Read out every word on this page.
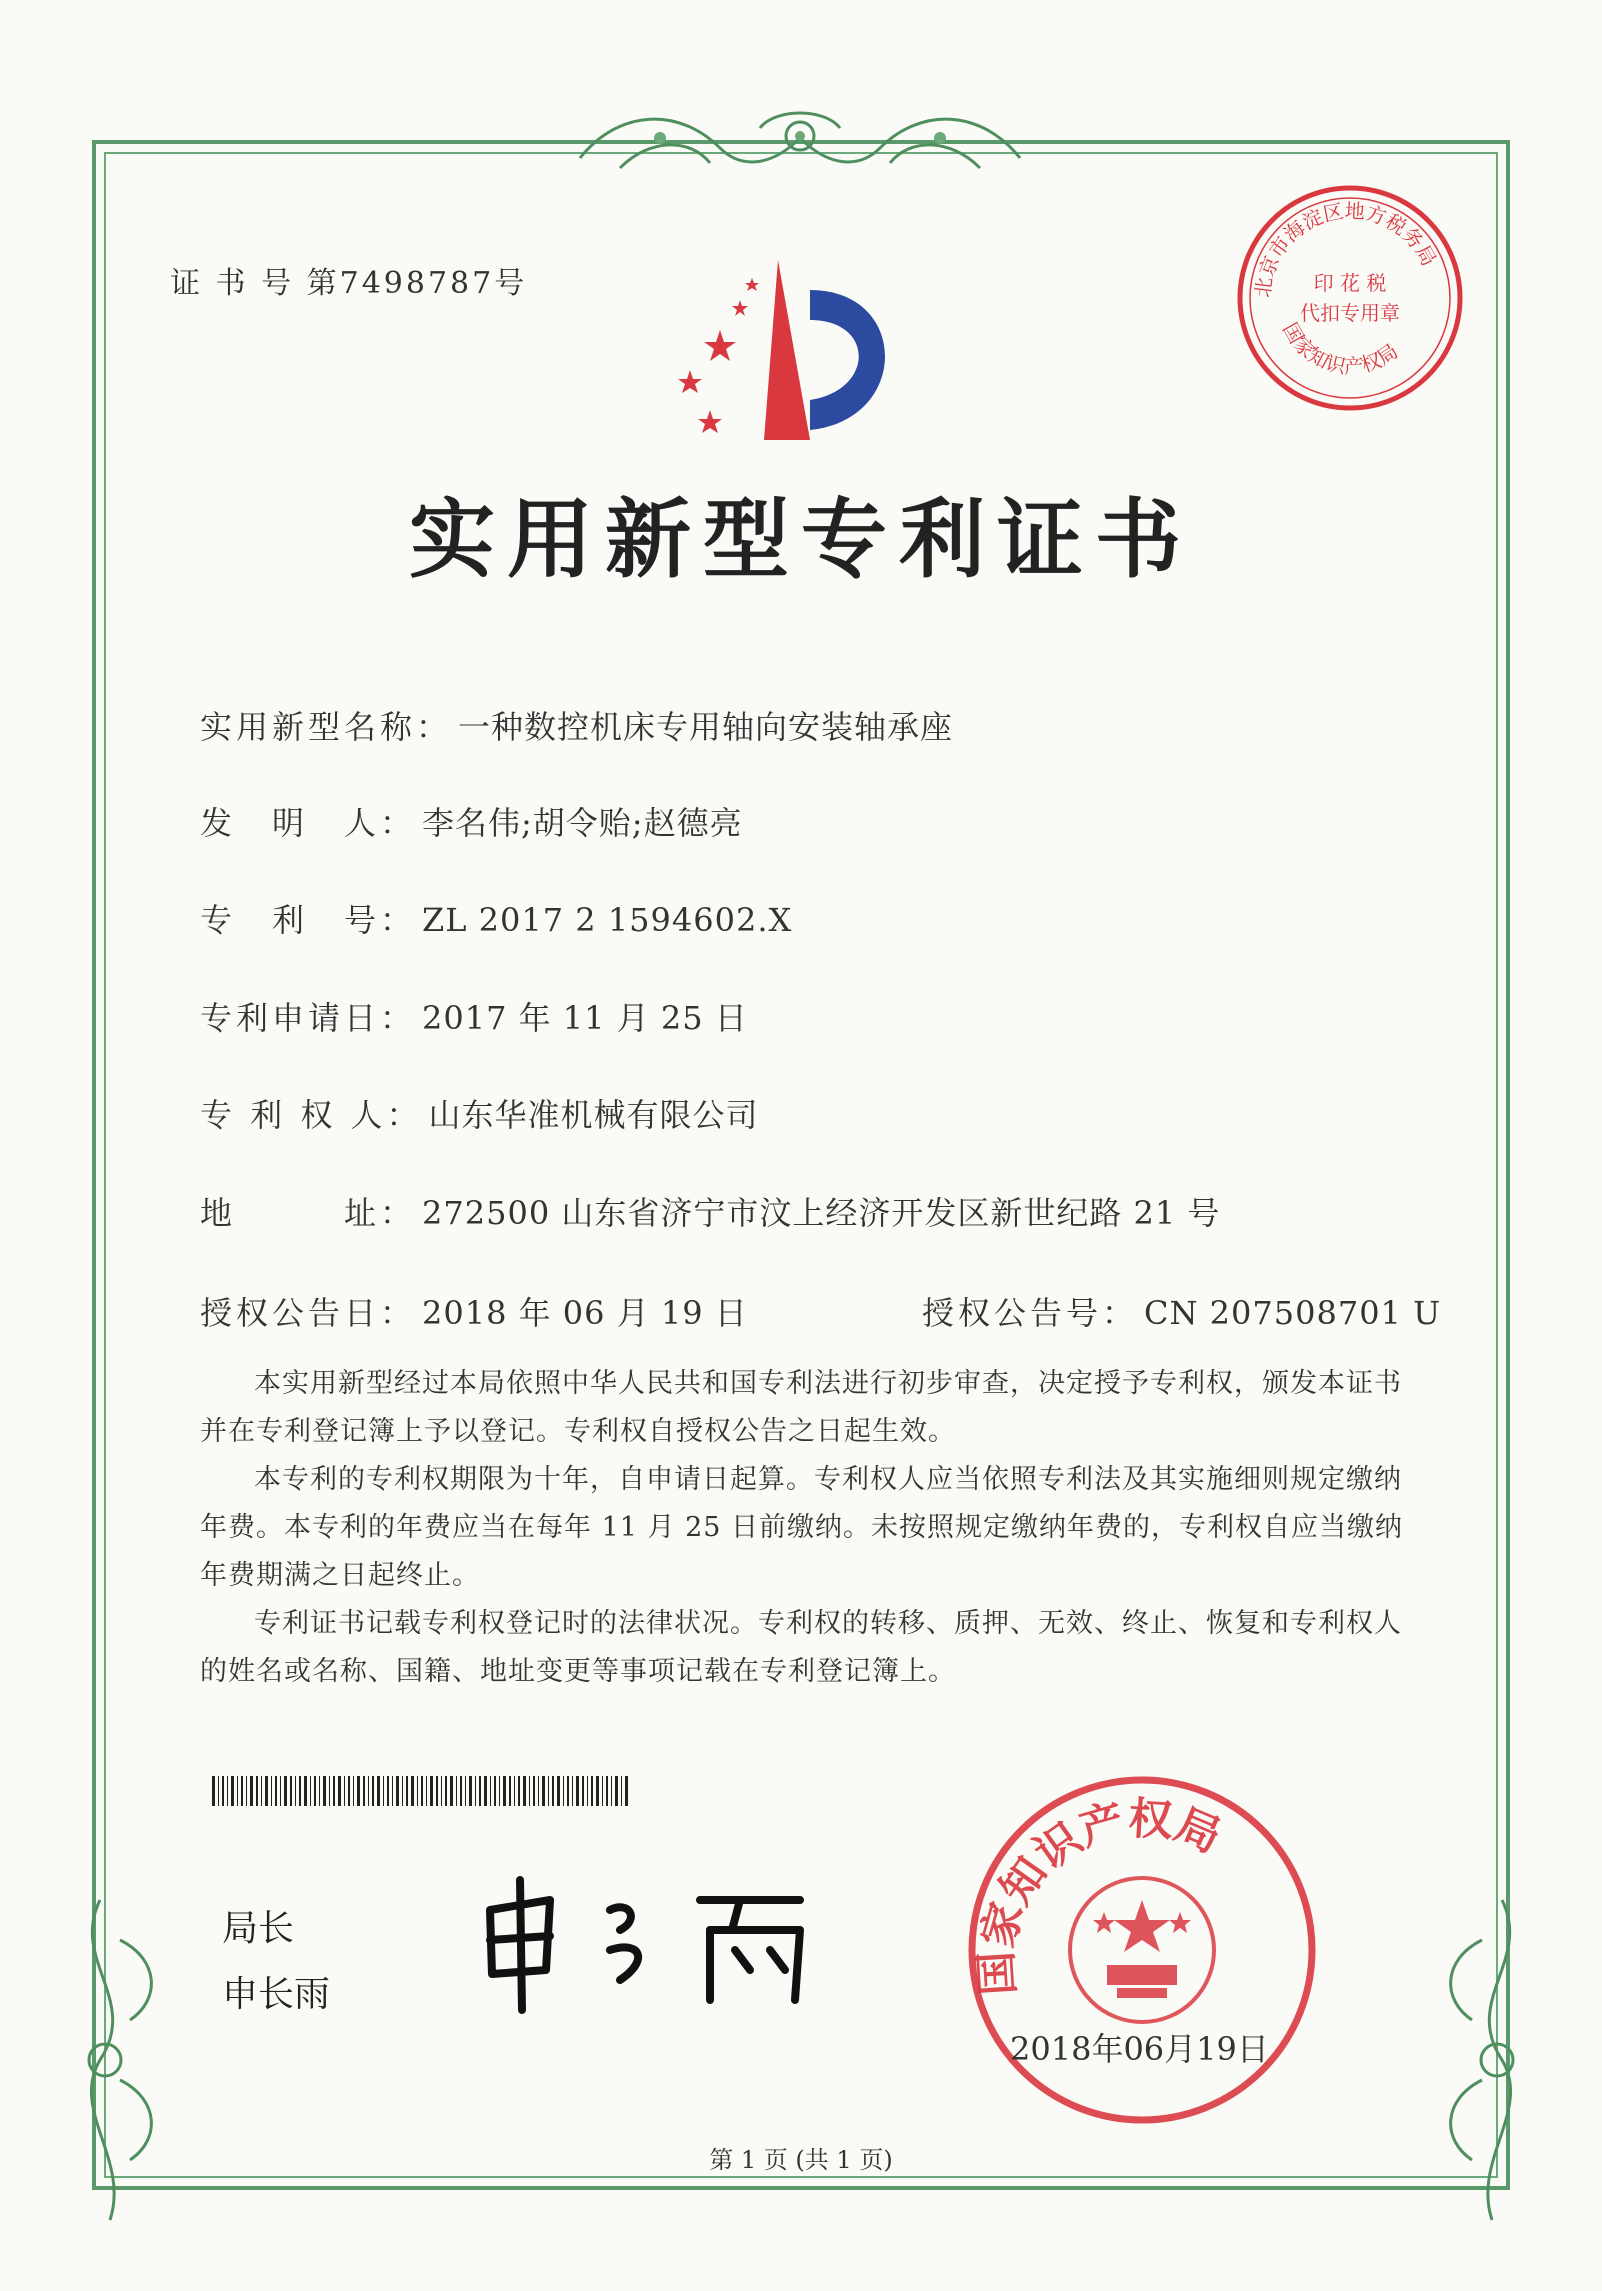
证 书 号 第7498787号	北京市海淀区地方税务局
印 花 税
代扣专用章
国家知识产权局
实用新型专利证书
实用新型名称： 一种数控机床专用轴向安装轴承座
发　明　人： 李名伟;胡令贻;赵德亮
专　利　号： ZL 2017 2 1594602.X
专利申请日： 2017 年 11 月 25 日
专 利 权 人： 山东华准机械有限公司
地　　　址： 272500 山东省济宁市汶上经济开发区新世纪路 21 号
授权公告日： 2018 年 06 月 19 日	授权公告号： CN 207508701 U

本实用新型经过本局依照中华人民共和国专利法进行初步审查，决定授予专利权，颁发本证书并在专利登记簿上予以登记。专利权自授权公告之日起生效。

本专利的专利权期限为十年，自申请日起算。专利权人应当依照专利法及其实施细则规定缴纳年费。本专利的年费应当在每年 11 月 25 日前缴纳。未按照规定缴纳年费的，专利权自应当缴纳年费期满之日起终止。

专利证书记载专利权登记时的法律状况。专利权的转移、质押、无效、终止、恢复和专利权人的姓名或名称、国籍、地址变更等事项记载在专利登记簿上。

局长
申长雨	国家知识产权局
2018年06月19日
第 1 页 (共 1 页)
